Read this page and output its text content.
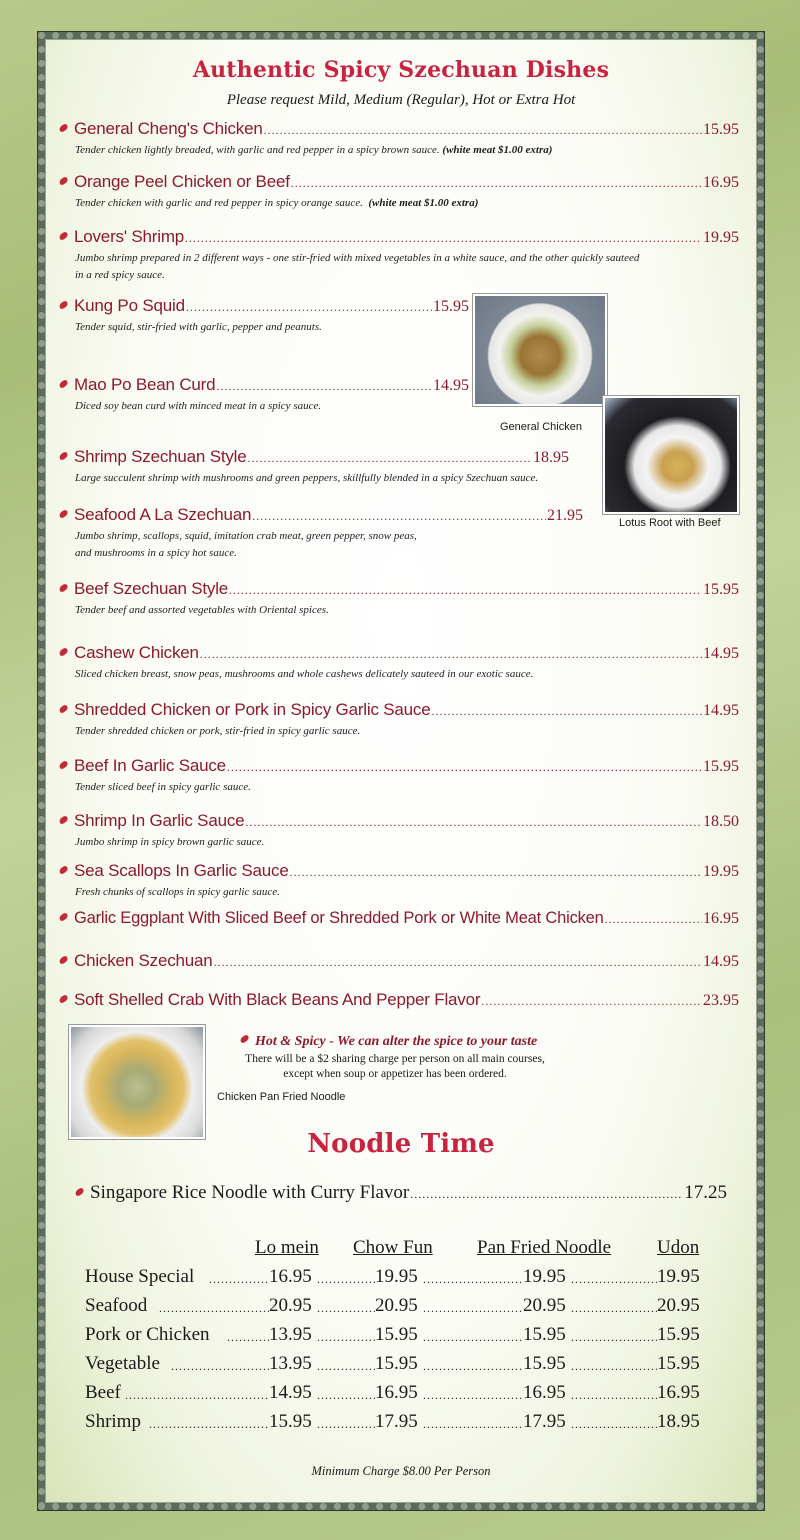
Authentic Spicy Szechuan Dishes
Please request Mild, Medium (Regular), Hot or Extra Hot
General Cheng's Chicken .....	15.95
Tender chicken lightly breaded, with garlic and red pepper in a spicy brown sauce. (white meat $1.00 extra)
Orange Peel Chicken or Beef .....	16.95
Tender chicken with garlic and red pepper in spicy orange sauce. (white meat $1.00 extra)
Lovers' Shrimp .....	19.95
Jumbo shrimp prepared in 2 different ways - one stir-fried with mixed vegetables in a white sauce, and the other quickly sauteed
in a red spicy sauce.
Kung Po Squid .....	15.95
Tender squid, stir-fried with garlic, pepper and peanuts.
Mao Po Bean Curd .....	14.95
Diced soy bean curd with minced meat in a spicy sauce.
Shrimp Szechuan Style .....	18.95
Large succulent shrimp with mushrooms and green peppers, skillfully blended in a spicy Szechuan sauce.
Seafood A La Szechuan .....	21.95
Jumbo shrimp, scallops, squid, imitation crab meat, green pepper, snow peas,
and mushrooms in a spicy hot sauce.
Beef Szechuan Style .....	15.95
Tender beef and assorted vegetables with Oriental spices.
Cashew Chicken .....	14.95
Sliced chicken breast, snow peas, mushrooms and whole cashews delicately sauteed in our exotic sauce.
Shredded Chicken or Pork in Spicy Garlic Sauce .....	14.95
Tender shredded chicken or pork, stir-fried in spicy garlic sauce.
Beef In Garlic Sauce .....	15.95
Tender sliced beef in spicy garlic sauce.
Shrimp In Garlic Sauce .....	18.50
Jumbo shrimp in spicy brown garlic sauce.
Sea Scallops In Garlic Sauce .....	19.95
Fresh chunks of scallops in spicy garlic sauce.
Garlic Eggplant With Sliced Beef or Shredded Pork or White Meat Chicken .....	16.95
Chicken Szechuan .....	14.95
Soft Shelled Crab With Black Beans And Pepper Flavor .....	23.95
General Chicken
Lotus Root with Beef
Chicken Pan Fried Noodle
Hot & Spicy - We can alter the spice to your taste
There will be a $2 sharing charge per person on all main courses,
except when soup or appetizer has been ordered.
Noodle Time
Singapore Rice Noodle with Curry Flavor .....	17.25
Lo mein Chow Fun Pan Fried Noodle Udon
House Special .....	16.95 .....	19.95 .....	19.95 .....	19.95
Seafood .....	20.95 .....	20.95 .....	20.95 .....	20.95
Pork or Chicken .....	13.95 .....	15.95 .....	15.95 .....	15.95
Vegetable .....	13.95 .....	15.95 .....	15.95 .....	15.95
Beef .....	14.95 .....	16.95 .....	16.95 .....	16.95
Shrimp .....	15.95 .....	17.95 .....	17.95 .....	18.95
Minimum Charge $8.00 Per Person
